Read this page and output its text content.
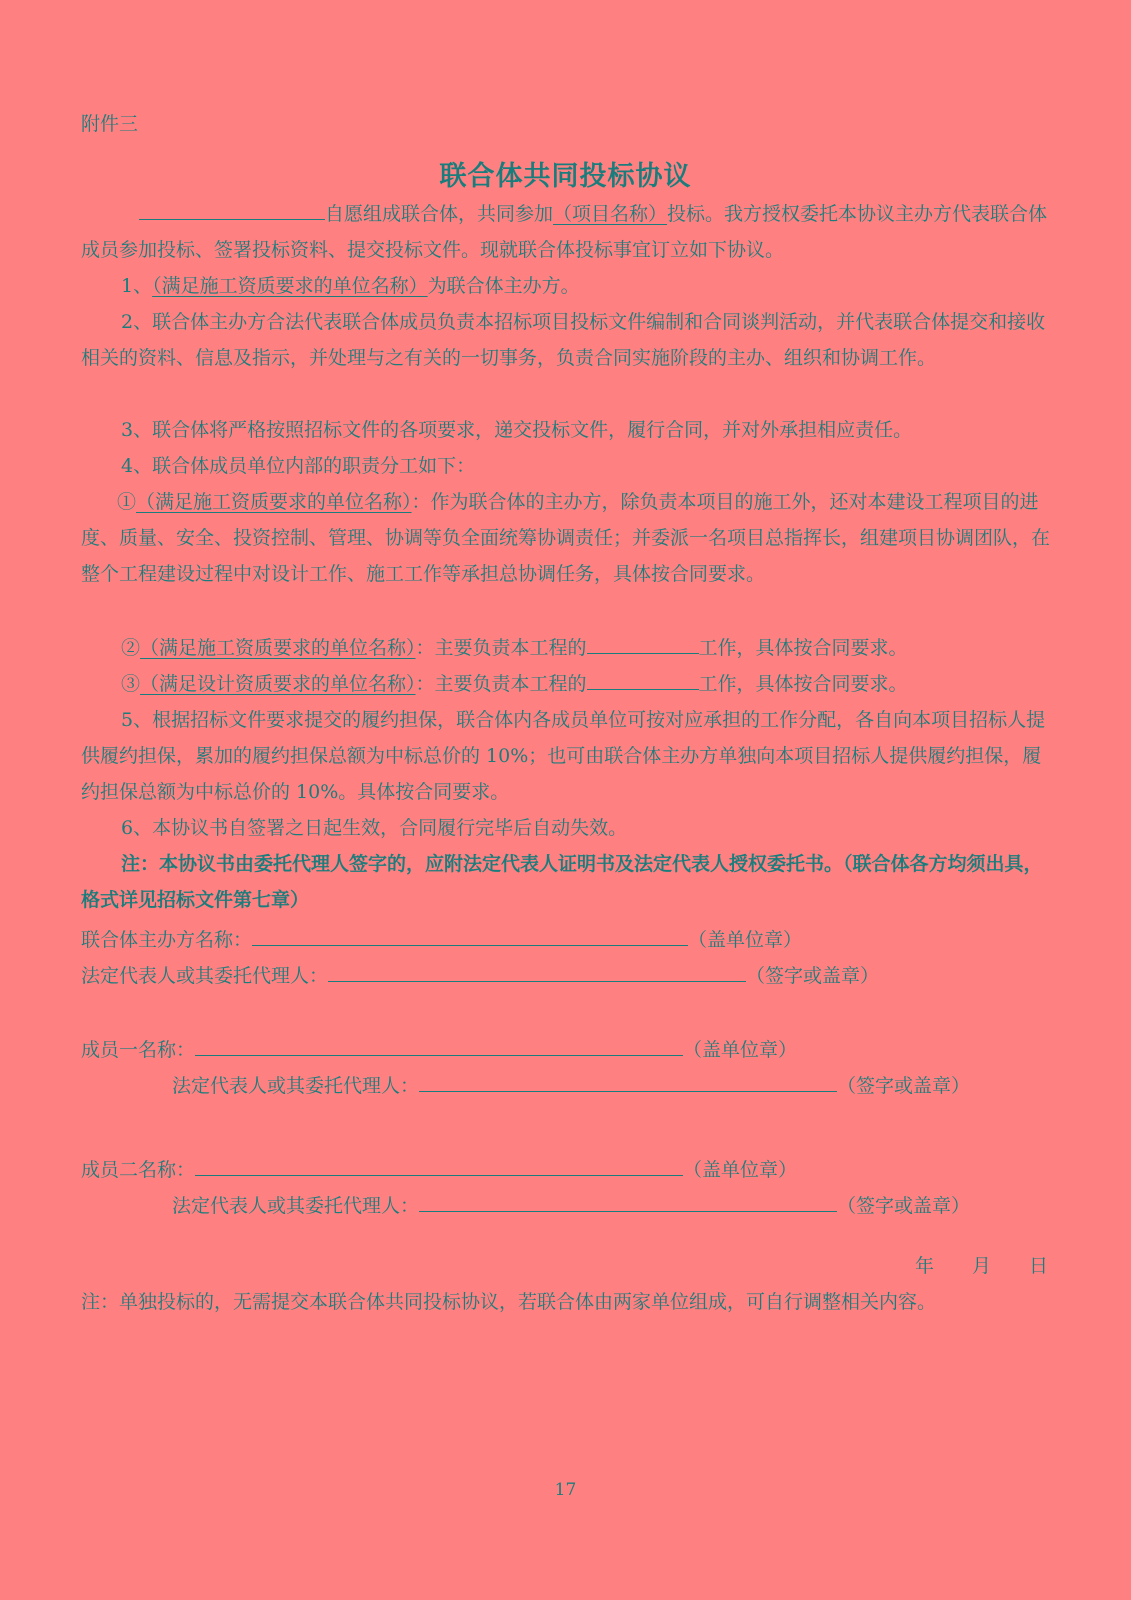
附件三
联合体共同投标协议

自愿组成联合体，共同参加（项目名称）投标。我方授权委托本协议主办方代表联合体成员参加投标、签署投标资料、提交投标文件。现就联合体投标事宜订立如下协议。

1、（满足施工资质要求的单位名称）为联合体主办方。

2、联合体主办方合法代表联合体成员负责本招标项目投标文件编制和合同谈判活动，并代表联合体提交和接收相关的资料、信息及指示，并处理与之有关的一切事务，负责合同实施阶段的主办、组织和协调工作。

3、联合体将严格按照招标文件的各项要求，递交投标文件，履行合同，并对外承担相应责任。

4、联合体成员单位内部的职责分工如下：

①（满足施工资质要求的单位名称）：作为联合体的主办方，除负责本项目的施工外，还对本建设工程项目的进度、质量、安全、投资控制、管理、协调等负全面统筹协调责任；并委派一名项目总指挥长，组建项目协调团队，在整个工程建设过程中对设计工作、施工工作等承担总协调任务，具体按合同要求。

②（满足施工资质要求的单位名称）：主要负责本工程的	工作，具体按合同要求。

③（满足设计资质要求的单位名称）：主要负责本工程的	工作，具体按合同要求。

5、根据招标文件要求提交的履约担保，联合体内各成员单位可按对应承担的工作分配，各自向本项目招标人提供履约担保，累加的履约担保总额为中标总价的 10%；也可由联合体主办方单独向本项目招标人提供履约担保，履约担保总额为中标总价的 10%。具体按合同要求。

6、本协议书自签署之日起生效，合同履行完毕后自动失效。

注：本协议书由委托代理人签字的，应附法定代表人证明书及法定代表人授权委托书。（联合体各方均须出具，格式详见招标文件第七章）

联合体主办方名称：	（盖单位章）
法定代表人或其委托代理人：	（签字或盖章）
成员一名称：	（盖单位章）
法定代表人或其委托代理人：	（签字或盖章）
成员二名称：	（盖单位章）
法定代表人或其委托代理人：	（签字或盖章）
年 月 日

注：单独投标的，无需提交本联合体共同投标协议，若联合体由两家单位组成，可自行调整相关内容。

17
